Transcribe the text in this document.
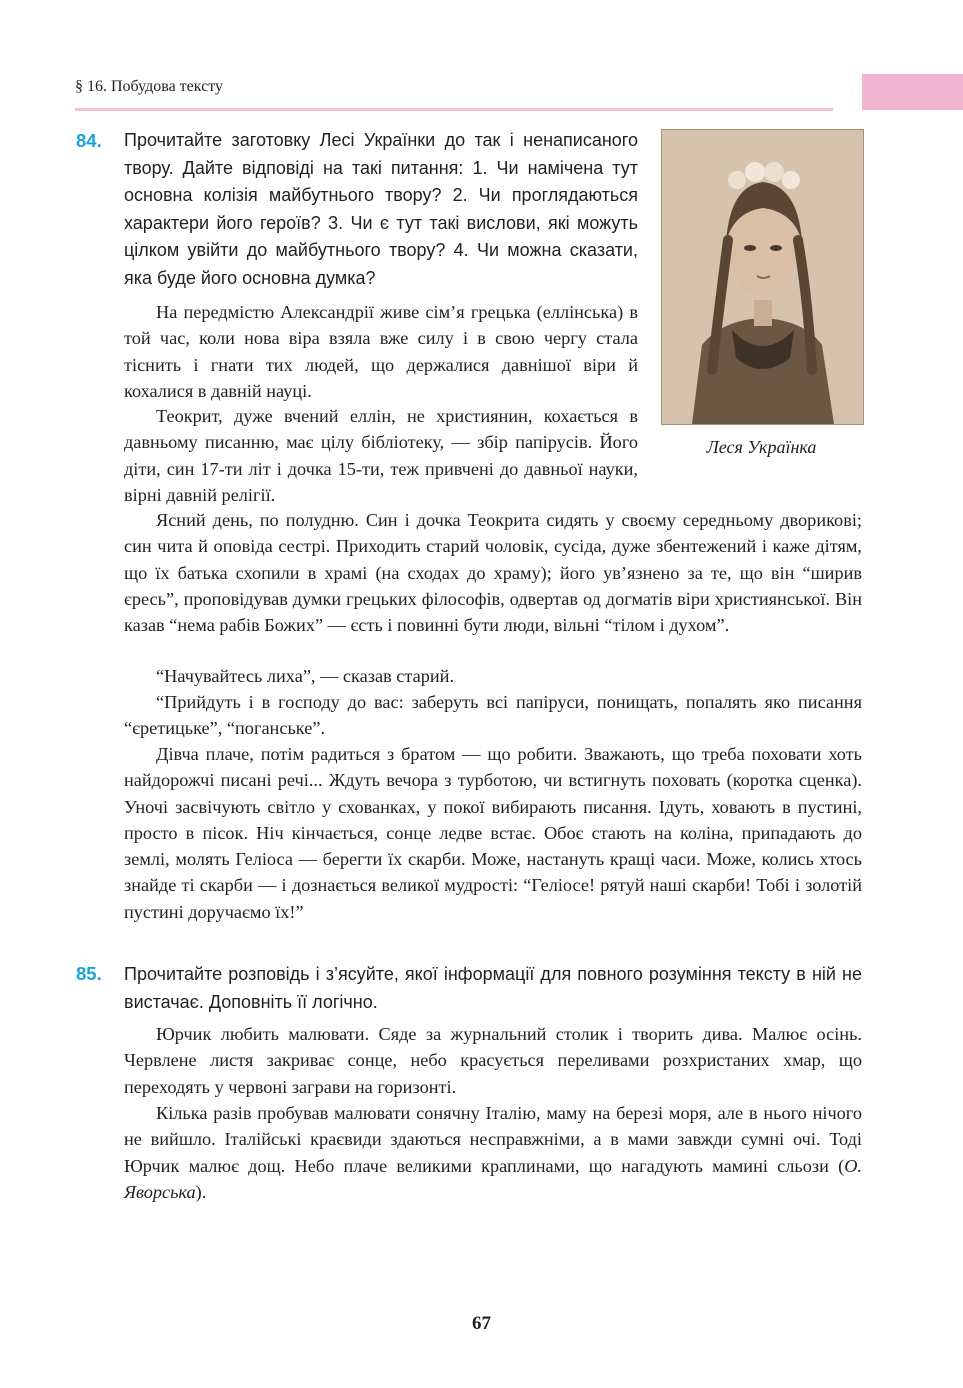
§ 16. Побудова тексту
84. Прочитайте заготовку Лесі Українки до так і ненаписаного твору. Дайте відповіді на такі питання: 1. Чи намічена тут основна колізія майбутнього твору? 2. Чи проглядаються характери його героїв? 3. Чи є тут такі вислови, які можуть цілком увійти до майбутнього твору? 4. Чи можна сказати, яка буде його основна думка?
На передмістю Александрії живе сім’я грецька (еллінська) в той час, коли нова віра взяла вже силу і в свою чергу стала тіснить і гнати тих людей, що держалися давнішої віри й кохалися в давній науці.
Теокрит, дуже вчений еллін, не християнин, кохається в давньому писанню, має цілу бібліотеку, — збір папірусів. Його діти, син 17-ти літ і дочка 15-ти, теж привчені до давньої науки, вірні давній релігії.
Ясний день, по полудню. Син і дочка Теокрита сидять у своєму середньому дворикові; син чита й оповіда сестрі. Приходить старий чоловік, сусіда, дуже збентежений і каже дітям, що їх батька схопили в храмі (на сходах до храму); його ув’язнено за те, що він “ширив єресь”, проповідував думки грецьких філософів, одвертав од догматів віри християнської. Він казав “нема рабів Божих” — єсть і повинні бути люди, вільні “тілом і духом”.
“Начувайтесь лиха”, — сказав старий.
“Прийдуть і в господу до вас: заберуть всі папіруси, понищать, попалять яко писання “єретицьке”, “поганське”.
Дівча плаче, потім радиться з братом — що робити. Зважають, що треба поховати хоть найдорожчі писані речі... Ждуть вечора з турботою, чи встигнуть поховать (коротка сценка). Уночі засвічують світло у схованках, у покої вибирають писання. Ідуть, ховають в пустині, просто в пісок. Ніч кінчається, сонце ледве встає. Обоє стають на коліна, припадають до землі, молять Геліоса — берегти їх скарби. Може, настануть кращі часи. Може, колись хтось знайде ті скарби — і дознається великої мудрості: “Геліосе! рятуй наші скарби! Тобі і золотій пустині доручаємо їх!”
Леся Українка
85. Прочитайте розповідь і з’ясуйте, якої інформації для повного розуміння тексту в ній не вистачає. Доповніть її логічно.
Юрчик любить малювати. Сяде за журнальний столик і творить дива. Малює осінь. Червлене листя закриває сонце, небо красується переливами розхристаних хмар, що переходять у червоні заграви на горизонті.
Кілька разів пробував малювати сонячну Італію, маму на березі моря, але в нього нічого не вийшло. Італійські краєвиди здаються несправжніми, а в мами завжди сумні очі. Тоді Юрчик малює дощ. Небо плаче великими краплинами, що нагадують мамині сльози (О. Яворська).
67
